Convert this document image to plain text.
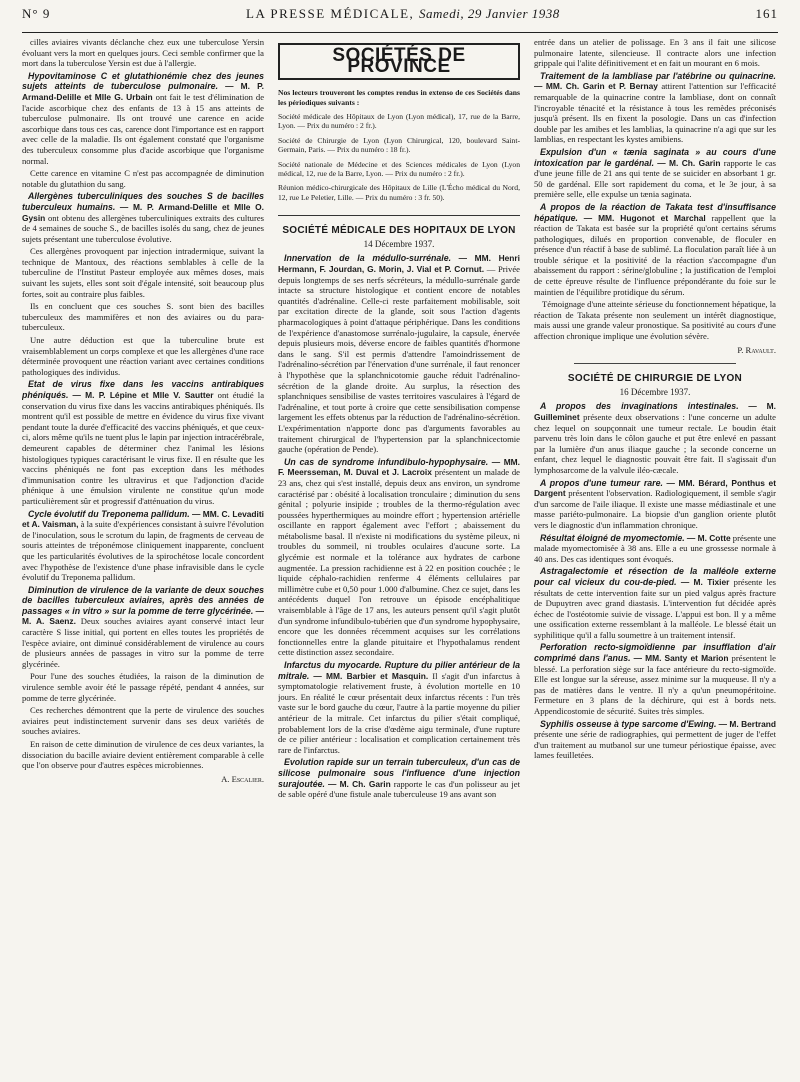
N° 9	LA PRESSE MÉDICALE, Samedi, 29 Janvier 1938	161

cilles aviaires vivants déclanche chez eux une tuberculose Yersin évoluant vers la mort en quelques jours. Ceci semble confirmer que la mort dans la tuberculose Yersin est due à l'allergie.

Hypovitaminose C et glutathionémie chez des jeunes sujets atteints de tuberculose pulmonaire. — M. P. Armand-Delille et Mlle G. Urbain ont fait le test d'élimination de l'acide ascorbique chez des enfants de 13 à 15 ans atteints de tuberculose pulmonaire. Ils ont trouvé une carence en acide ascorbique dans tous ces cas, carence dont l'importance est en rapport avec celle de la maladie. Ils ont également constaté que l'organisme des tuberculeux consomme plus d'acide ascorbique que l'organisme normal.

Cette carence en vitamine C n'est pas accompagnée de diminution notable du glutathion du sang.

Allergènes tuberculiniques des souches S de bacilles tuberculeux humains. — M. P. Armand-Delille et Mlle O. Gysin ont obtenu des allergènes tuberculiniques extraits des cultures de 4 semaines de souche S., de bacilles isolés du sang, chez de jeunes sujets présentant une tuberculose évolutive.

Ces allergènes provoquent par injection intradermique, suivant la technique de Mantoux, des réactions semblables à celle de la tuberculine de l'Institut Pasteur employée aux mêmes doses, mais suivant les sujets, elles sont soit d'égale intensité, soit beaucoup plus fortes, soit au contraire plus faibles.

Ils en concluent que ces souches S. sont bien des bacilles tuberculeux des mammifères et non des aviaires ou du para-tuberculeux.

Une autre déduction est que la tuberculine brute est vraisemblablement un corps complexe et que les allergènes d'une race déterminée provoquent une réaction variant avec certaines conditions pathologiques des individus.

Etat de virus fixe dans les vaccins antirabiques phéniqués. — M. P. Lépine et Mlle V. Sautter ont étudié la conservation du virus fixe dans les vaccins antirabiques phéniqués. Ils montrent qu'il est possible de mettre en évidence du virus fixe vivant pendant toute la durée d'efficacité des vaccins phéniqués, et que ceux-ci, alors même qu'ils ne tuent plus le lapin par injection intracérébrale, demeurent capables de déterminer chez l'animal les lésions histologiques typiques caractérisant le virus fixe. Il en résulte que les vaccins phéniqués ne font pas exception dans les méthodes d'immunisation contre les ultravirus et que l'adjonction d'acide phénique à une émulsion virulente ne constitue qu'un mode particulièrement sûr et progressif d'atténuation du virus.

Cycle évolutif du Treponema pallidum. — MM. C. Levaditi et A. Vaisman, à la suite d'expériences consistant à suivre l'évolution de l'inoculation, sous le scrotum du lapin, de fragments de cerveau de souris atteintes de tréponémose cliniquement inapparente, concluent que les particularités évolutives de la spirochétose locale concordent avec l'hypothèse de l'existence d'une phase infravisible dans le cycle évolutif du Treponema pallidum.

Diminution de virulence de la variante de deux souches de bacilles tuberculeux aviaires, après des années de passages « in vitro » sur la pomme de terre glycérinée. — M. A. Saenz. Deux souches aviaires ayant conservé intact leur caractère S lisse initial, qui portent en elles toutes les propriétés de l'espèce aviaire, ont diminué considérablement de virulence au cours de plusieurs années de passages in vitro sur la pomme de terre glycérinée.

Pour l'une des souches étudiées, la raison de la diminution de virulence semble avoir été le passage répété, pendant 4 années, sur pomme de terre glycérinée.

Ces recherches démontrent que la perte de virulence des souches aviaires peut indistinctement survenir dans ses deux variétés de souches aviaires.

En raison de cette diminution de virulence de ces deux variantes, la dissociation du bacille aviaire devient entièrement comparable à celle que l'on observe pour d'autres espèces microbiennes.

A. Escalier.
SOCIÉTÉS DE PROVINCE

Nos lecteurs trouveront les comptes rendus in extenso de ces Sociétés dans les périodiques suivants :

Société médicale des Hôpitaux de Lyon (Lyon médical), 17, rue de la Barre, Lyon. — Prix du numéro : 2 fr.).

Société de Chirurgie de Lyon (Lyon Chirurgical, 120, boulevard Saint-Germain, Paris. — Prix du numéro : 18 fr.).

Société nationale de Médecine et des Sciences médicales de Lyon (Lyon médical, 12, rue de la Barre, Lyon. — Prix du numéro : 2 fr.).

Réunion médico-chirurgicale des Hôpitaux de Lille (L'Écho médical du Nord, 12, rue Le Peletier, Lille. — Prix du numéro : 3 fr. 50).

SOCIÉTÉ MÉDICALE DES HOPITAUX DE LYON
14 Décembre 1937.

Innervation de la médullo-surrénale. — MM. Henri Hermann, F. Jourdan, G. Morin, J. Vial et P. Cornut. — Privée depuis longtemps de ses nerfs sécréteurs, la médullo-surrénale garde intacte sa structure histologique et contient encore de notables quantités d'adrénaline. Celle-ci reste parfaitement mobilisable, soit par excitation directe de la glande, soit sous l'action d'agents pharmacologiques à point d'attaque périphérique. Dans les conditions de l'expérience d'anastomose surrénalo-jugulaire, la capsule, énervée depuis plusieurs mois, déverse encore de faibles quantités d'hormone dans le sang. S'il est permis d'attendre l'amoindrissement de l'adrénalino-sécrétion par l'énervation d'une surrénale, il faut renoncer à l'hypothèse que la splanchnicotomie gauche réduit l'adrénalino-sécrétion de la glande droite. Au surplus, la résection des splanchniques sensibilise de vastes territoires vasculaires à l'égard de l'adrénaline, et tout porte à croire que cette sensibilisation compense largement les effets obtenus par la réduction de l'adrénalino-sécrétion. L'expérimentation n'apporte donc pas d'arguments favorables au traitement chirurgical de l'hypertension par la splanchnicectomie gauche (opération de Pende).

Un cas de syndrome infundibulo-hypophysaire. — MM. F. Meersseman, M. Duval et J. Lacroix présentent un malade de 23 ans, chez qui s'est installé, depuis deux ans environ, un syndrome caractérisé par : obésité à localisation tronculaire ; diminution du sens génital ; polyurie insipide ; troubles de la thermo-régulation avec poussées hyperthermiques au moindre effort ; hypertension artérielle oscillante en rapport également avec l'effort ; abaissement du métabolisme basal. Il n'existe ni modifications du système pileux, ni troubles du sommeil, ni troubles oculaires d'aucune sorte. La glycémie est normale et la tolérance aux hydrates de carbone augmentée. La pression rachidienne est à 22 en position couchée ; le liquide céphalo-rachidien renferme 4 éléments cellulaires par millimètre cube et 0,50 pour 1.000 d'albumine. Chez ce sujet, dans les antécédents duquel l'on retrouve un épisode encéphalitique vraisemblable à l'âge de 17 ans, les auteurs pensent qu'il s'agit plutôt d'un syndrome infundibulo-tubérien que d'un syndrome hypophysaire, encore que les données récemment acquises sur les corrélations fonctionnelles entre la glande pituitaire et l'hypothalamus rendent cette distinction assez secondaire.

Infarctus du myocarde. Rupture du pilier antérieur de la mitrale. — MM. Barbier et Masquin. Il s'agit d'un infarctus à symptomatologie relativement fruste, à évolution mortelle en 10 jours. En réalité le cœur présentait deux infarctus récents : l'un très vaste sur le bord gauche du cœur, l'autre à la partie moyenne du pilier antérieur de la mitrale. Cet infarctus du pilier s'était compliqué, probablement lors de la crise d'œdème aigu terminale, d'une rupture de ce pilier antérieur : localisation et complication certainement très rare de l'infarctus.

Evolution rapide sur un terrain tuberculeux, d'un cas de silicose pulmonaire sous l'influence d'une injection surajoutée. — M. Ch. Garin rapporte le cas d'un polisseur au jet de sable opéré d'une fistule anale tuberculeuse 19 ans avant son

entrée dans un atelier de polissage. En 3 ans il fait une silicose pulmonaire latente, silencieuse. Il contracte alors une infection grippale qui l'alite définitivement et en fait un mourant en 6 mois.

Traitement de la lambliase par l'atébrine ou quinacrine. — MM. Ch. Garin et P. Bernay attirent l'attention sur l'efficacité remarquable de la quinacrine contre la lambliase, dont on connaît l'incroyable ténacité et la résistance à tous les remèdes préconisés jusqu'à présent. Ils en fixent la posologie. Dans un cas d'infection double par les amibes et les lamblias, la quinacrine n'a agi que sur les lamblias, en respectant les kystes amibiens.

Expulsion d'un « tænia saginata » au cours d'une intoxication par le gardénal. — M. Ch. Garin rapporte le cas d'une jeune fille de 21 ans qui tente de se suicider en absorbant 1 gr. 50 de gardénal. Elle sort rapidement du coma, et le 3e jour, à sa première selle, elle expulse un tænia saginata.

A propos de la réaction de Takata test d'insuffisance hépatique. — MM. Hugonot et Marchal rappellent que la réaction de Takata est basée sur la propriété qu'ont certains sérums pathologiques, dilués en proportion convenable, de floculer en présence d'un réactif à base de sublimé. La floculation paraît liée à un trouble sérique et la positivité de la réaction s'accompagne d'un abaissement du rapport : sérine/globuline ; la justification de l'emploi de cette épreuve résulte de l'influence prépondérante du foie sur le maintien de l'équilibre protidique du sérum.

Témoignage d'une atteinte sérieuse du fonctionnement hépatique, la réaction de Takata présente non seulement un intérêt diagnostique, mais aussi une grande valeur pronostique. Sa positivité au cours d'une affection chronique implique une évolution sévère.

P. Ravault.
SOCIÉTÉ DE CHIRURGIE DE LYON
16 Décembre 1937.

A propos des invaginations intestinales. — M. Guilleminet présente deux observations : l'une concerne un adulte chez lequel on soupçonnait une tumeur rectale. Le boudin était parvenu très loin dans le côlon gauche et put être enlevé en passant par la lumière d'un anus iliaque gauche ; la seconde concerne un enfant, chez lequel le diagnostic pouvait être fait. Il s'agissait d'un lymphosarcome de la valvule iléo-cæcale.

A propos d'une tumeur rare. — MM. Bérard, Ponthus et Dargent présentent l'observation. Radiologiquement, il semble s'agir d'un sarcome de l'aile iliaque. Il existe une masse médiastinale et une masse pariéto-pulmonaire. La biopsie d'un ganglion oriente plutôt vers le diagnostic d'un inflammation chronique.

Résultat éloigné de myomectomie. — M. Cotte présente une malade myomectomisée à 38 ans. Elle a eu une grossesse normale à 40 ans. Des cas identiques sont évoqués.

Astragalectomie et résection de la malléole externe pour cal vicieux du cou-de-pied. — M. Tixier présente les résultats de cette intervention faite sur un pied valgus après fracture de Dupuytren avec grand diastasis. L'intervention fut décidée après échec de l'ostéotomie suivie de vissage. L'appui est bon. Il y a même une ossification externe ressemblant à la malléole. Le blessé était un syphilitique qu'il a fallu soumettre à un traitement intensif.

Perforation recto-sigmoïdienne par insufflation d'air comprimé dans l'anus. — MM. Santy et Marion présentent le blessé. La perforation siège sur la face antérieure du recto-sigmoïde. Elle est longue sur la séreuse, assez minime sur la muqueuse. Il n'y a pas de matières dans le ventre. Il n'y a qu'un pneumopéritoine. Fermeture en 3 plans de la déchirure, qui est à bords nets. Appendicostomie de sécurité. Suites très simples.

Syphilis osseuse à type sarcome d'Ewing. — M. Bertrand présente une série de radiographies, qui permettent de juger de l'effet d'un traitement au mutbanol sur une tumeur périostique épaisse, avec lames feuilletées.
